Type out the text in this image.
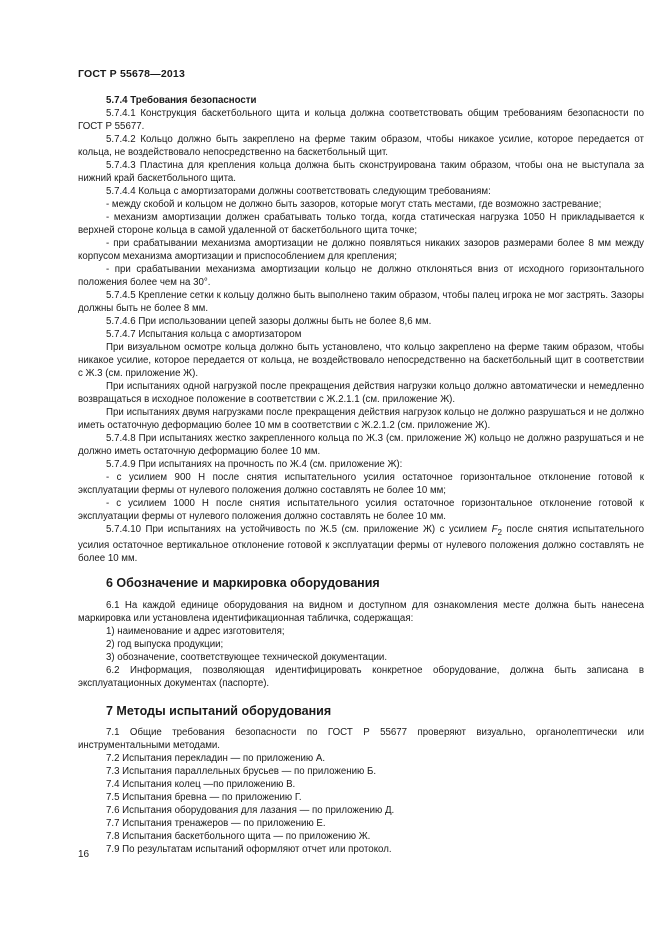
ГОСТ Р 55678—2013

5.7.4 Требования безопасности

5.7.4.1 Конструкция баскетбольного щита и кольца должна соответствовать общим требованиям безопасности по ГОСТ Р 55677.

5.7.4.2 Кольцо должно быть закреплено на ферме таким образом, чтобы никакое усилие, которое передается от кольца, не воздействовало непосредственно на баскетбольный щит.

5.7.4.3 Пластина для крепления кольца должна быть сконструирована таким образом, чтобы она не выступала за нижний край баскетбольного щита.

5.7.4.4 Кольца с амортизаторами должны соответствовать следующим требованиям:

- между скобой и кольцом не должно быть зазоров, которые могут стать местами, где возможно застревание;

- механизм амортизации должен срабатывать только тогда, когда статическая нагрузка 1050 Н прикладывается к верхней стороне кольца в самой удаленной от баскетбольного щита точке;

- при срабатывании механизма амортизации не должно появляться никаких зазоров размерами более 8 мм между корпусом механизма амортизации и приспособлением для крепления;

- при срабатывании механизма амортизации кольцо не должно отклоняться вниз от исходного горизонтального положения более чем на 30°.

5.7.4.5 Крепление сетки к кольцу должно быть выполнено таким образом, чтобы палец игрока не мог застрять. Зазоры должны быть не более 8 мм.

5.7.4.6 При использовании цепей зазоры должны быть не более 8,6 мм.

5.7.4.7 Испытания кольца с амортизатором

При визуальном осмотре кольца должно быть установлено, что кольцо закреплено на ферме таким образом, чтобы никакое усилие, которое передается от кольца, не воздействовало непосредственно на баскетбольный щит в соответствии с Ж.3 (см. приложение Ж).

При испытаниях одной нагрузкой после прекращения действия нагрузки кольцо должно автоматически и немедленно возвращаться в исходное положение в соответствии с Ж.2.1.1 (см. приложение Ж).

При испытаниях двумя нагрузками после прекращения действия нагрузок кольцо не должно разрушаться и не должно иметь остаточную деформацию более 10 мм в соответствии с Ж.2.1.2 (см. приложение Ж).

5.7.4.8 При испытаниях жестко закрепленного кольца по Ж.3 (см. приложение Ж) кольцо не должно разрушаться и не должно иметь остаточную деформацию более 10 мм.

5.7.4.9 При испытаниях на прочность по Ж.4 (см. приложение Ж):

- с усилием 900 Н после снятия испытательного усилия остаточное горизонтальное отклонение готовой к эксплуатации фермы от нулевого положения должно составлять не более 10 мм;

- с усилием 1000 Н после снятия испытательного усилия остаточное горизонтальное отклонение готовой к эксплуатации фермы от нулевого положения должно составлять не более 10 мм.

5.7.4.10 При испытаниях на устойчивость по Ж.5 (см. приложение Ж) с усилием $F_2$ после снятия испытательного усилия остаточное вертикальное отклонение готовой к эксплуатации фермы от нулевого положения должно составлять не более 10 мм.

6 Обозначение и маркировка оборудования

6.1 На каждой единице оборудования на видном и доступном для ознакомления месте должна быть нанесена маркировка или установлена идентификационная табличка, содержащая:

1) наименование и адрес изготовителя;

2) год выпуска продукции;

3) обозначение, соответствующее технической документации.

6.2 Информация, позволяющая идентифицировать конкретное оборудование, должна быть записана в эксплуатационных документах (паспорте).

7 Методы испытаний оборудования

7.1 Общие требования безопасности по ГОСТ Р 55677 проверяют визуально, органолептически или инструментальными методами.

7.2 Испытания перекладин — по приложению А.

7.3 Испытания параллельных брусьев — по приложению Б.

7.4 Испытания колец —по приложению В.

7.5 Испытания бревна — по приложению Г.

7.6 Испытания оборудования для лазания — по приложению Д.

7.7 Испытания тренажеров — по приложению Е.

7.8 Испытания баскетбольного щита — по приложению Ж.

7.9 По результатам испытаний оформляют отчет или протокол.

16
